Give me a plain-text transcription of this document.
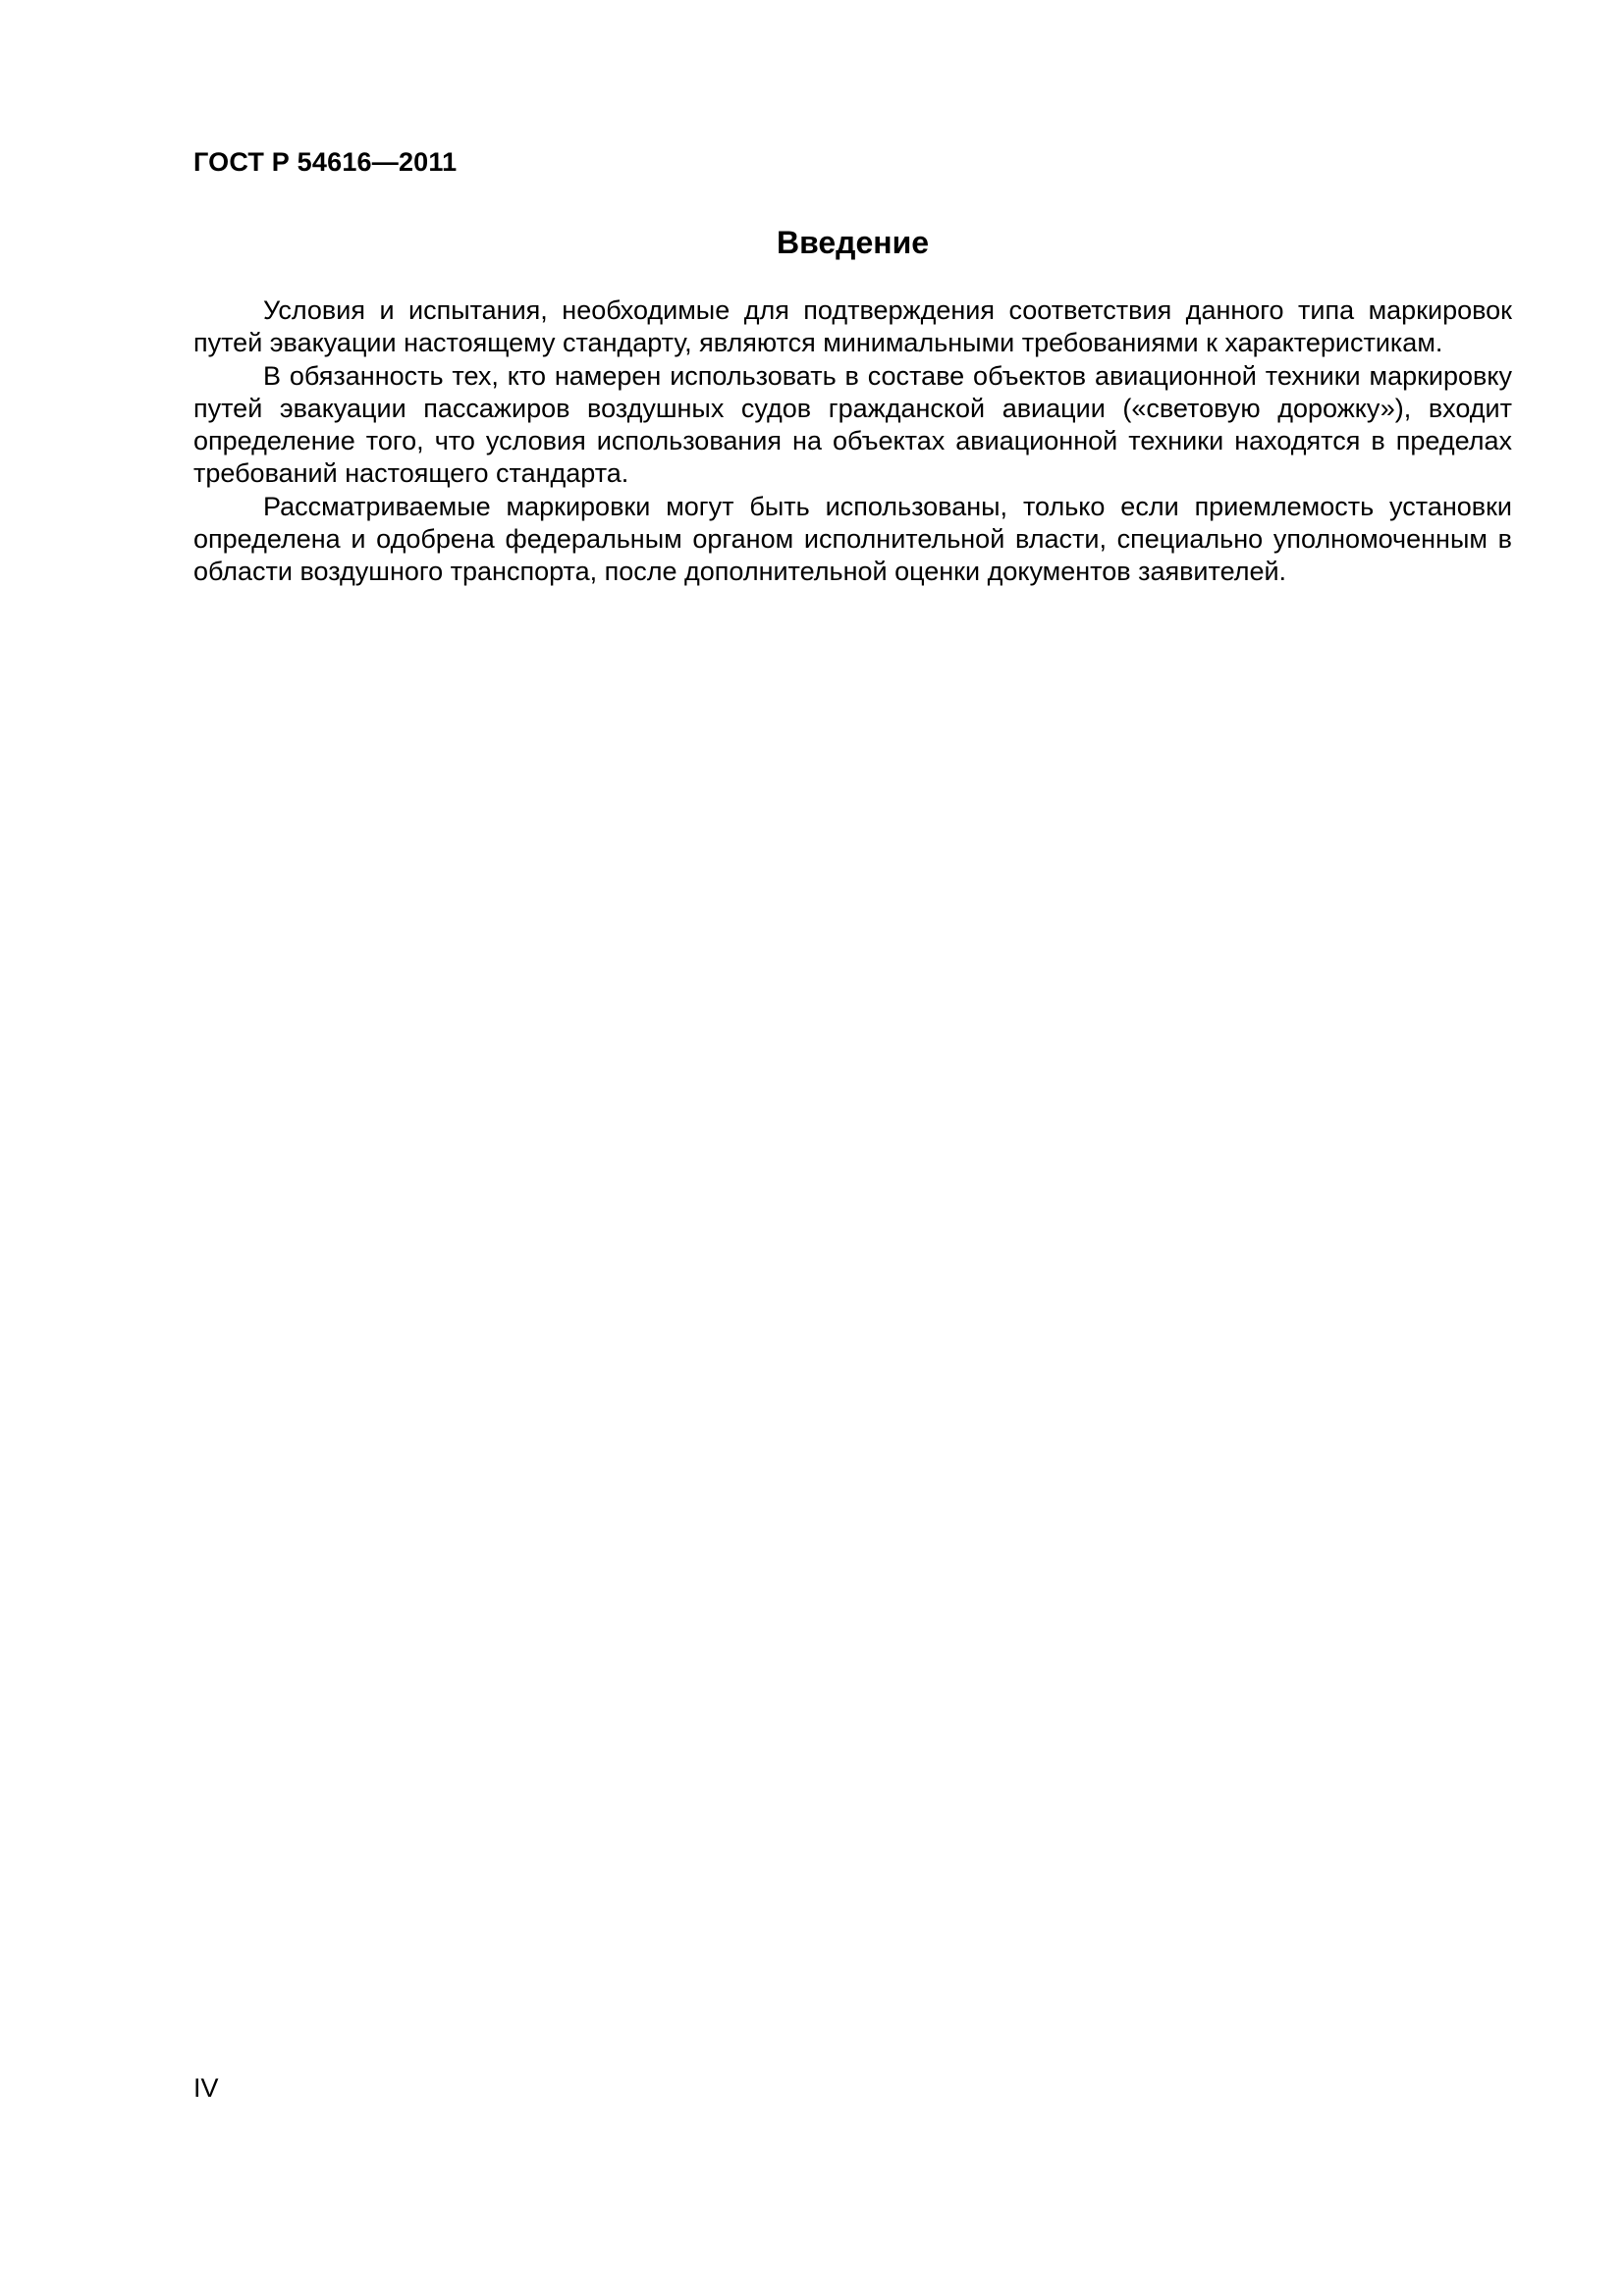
ГОСТ Р 54616—2011
Введение

Условия и испытания, необходимые для подтверждения соответствия данного типа маркировок путей эвакуации настоящему стандарту, являются минимальными требованиями к характеристикам.

В обязанность тех, кто намерен использовать в составе объектов авиационной техники маркировку путей эвакуации пассажиров воздушных судов гражданской авиации («световую дорожку»), входит определение того, что условия использования на объектах авиационной техники находятся в пределах требований настоящего стандарта.

Рассматриваемые маркировки могут быть использованы, только если приемлемость установки определена и одобрена федеральным органом исполнительной власти, специально уполномоченным в области воздушного транспорта, после дополнительной оценки документов заявителей.

IV
